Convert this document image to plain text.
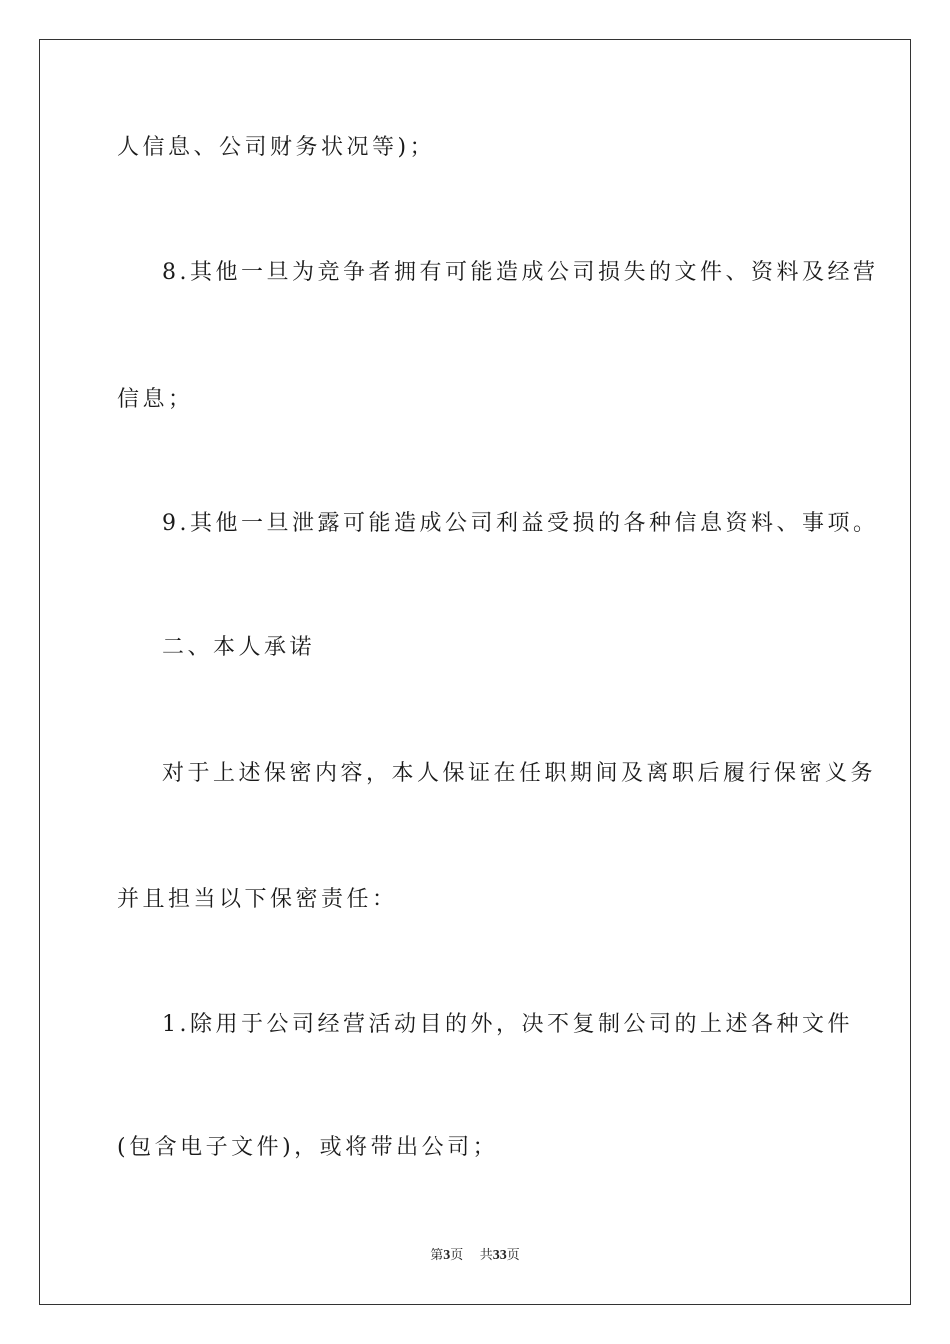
人信息、公司财务状况等)；
8.其他一旦为竞争者拥有可能造成公司损失的文件、资料及经营
信息；
9.其他一旦泄露可能造成公司利益受损的各种信息资料、事项。
二、本人承诺
对于上述保密内容，本人保证在任职期间及离职后履行保密义务
并且担当以下保密责任：
1.除用于公司经营活动目的外，决不复制公司的上述各种文件
(包含电子文件)，或将带出公司；
第3页 共33页
